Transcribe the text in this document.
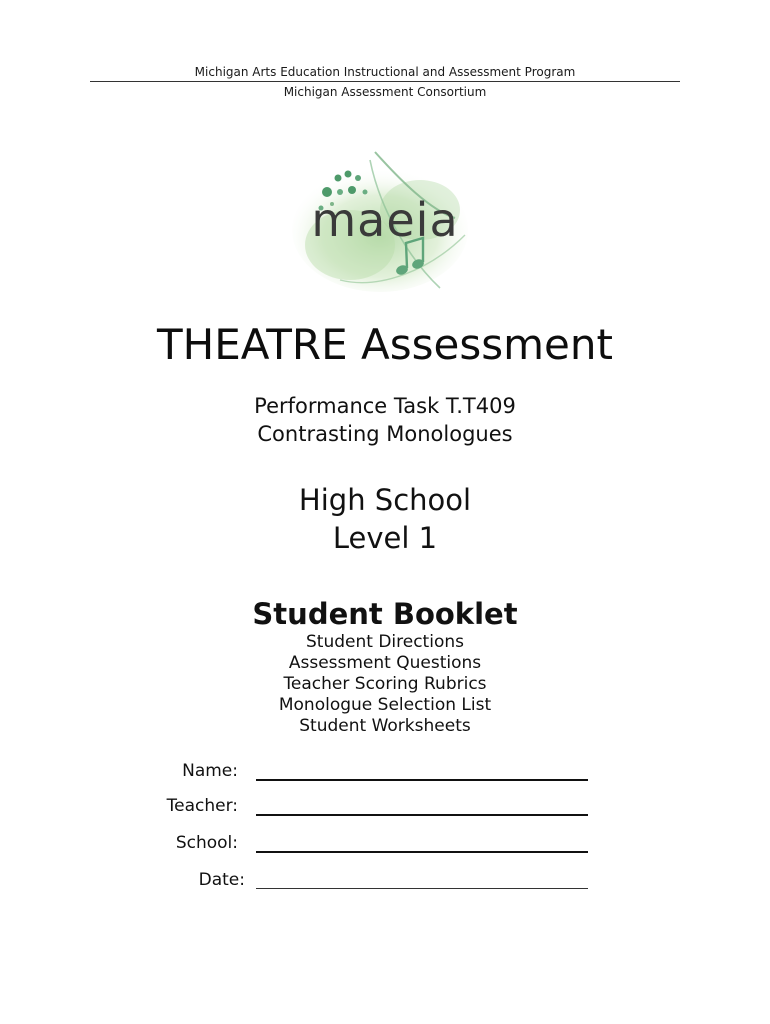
Michigan Arts Education Instructional and Assessment Program
Michigan Assessment Consortium
maeia
THEATRE Assessment
Performance Task T.T409
Contrasting Monologues
High School
Level 1
Student Booklet
Student Directions
Assessment Questions
Teacher Scoring Rubrics
Monologue Selection List
Student Worksheets
Name:
Teacher:
School:
Date:
